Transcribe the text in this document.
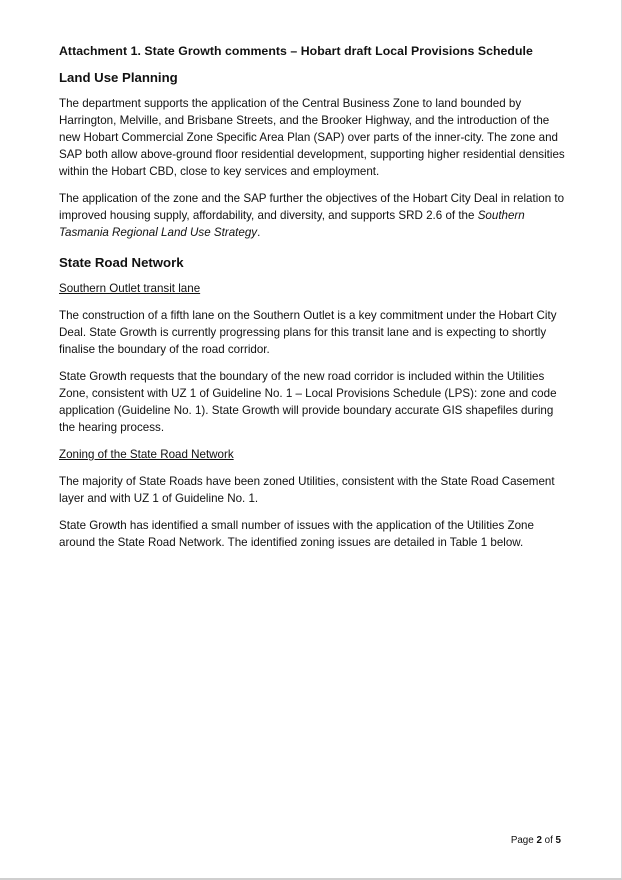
Attachment 1. State Growth comments – Hobart draft Local Provisions Schedule
Land Use Planning

The department supports the application of the Central Business Zone to land bounded by Harrington, Melville, and Brisbane Streets, and the Brooker Highway, and the introduction of the new Hobart Commercial Zone Specific Area Plan (SAP) over parts of the inner-city. The zone and SAP both allow above-ground floor residential development, supporting higher residential densities within the Hobart CBD, close to key services and employment.

The application of the zone and the SAP further the objectives of the Hobart City Deal in relation to improved housing supply, affordability, and diversity, and supports SRD 2.6 of the Southern Tasmania Regional Land Use Strategy.

State Road Network
Southern Outlet transit lane

The construction of a fifth lane on the Southern Outlet is a key commitment under the Hobart City Deal. State Growth is currently progressing plans for this transit lane and is expecting to shortly finalise the boundary of the road corridor.

State Growth requests that the boundary of the new road corridor is included within the Utilities Zone, consistent with UZ 1 of Guideline No. 1 – Local Provisions Schedule (LPS): zone and code application (Guideline No. 1). State Growth will provide boundary accurate GIS shapefiles during the hearing process.

Zoning of the State Road Network

The majority of State Roads have been zoned Utilities, consistent with the State Road Casement layer and with UZ 1 of Guideline No. 1.

State Growth has identified a small number of issues with the application of the Utilities Zone around the State Road Network. The identified zoning issues are detailed in Table 1 below.

Page 2 of 5
